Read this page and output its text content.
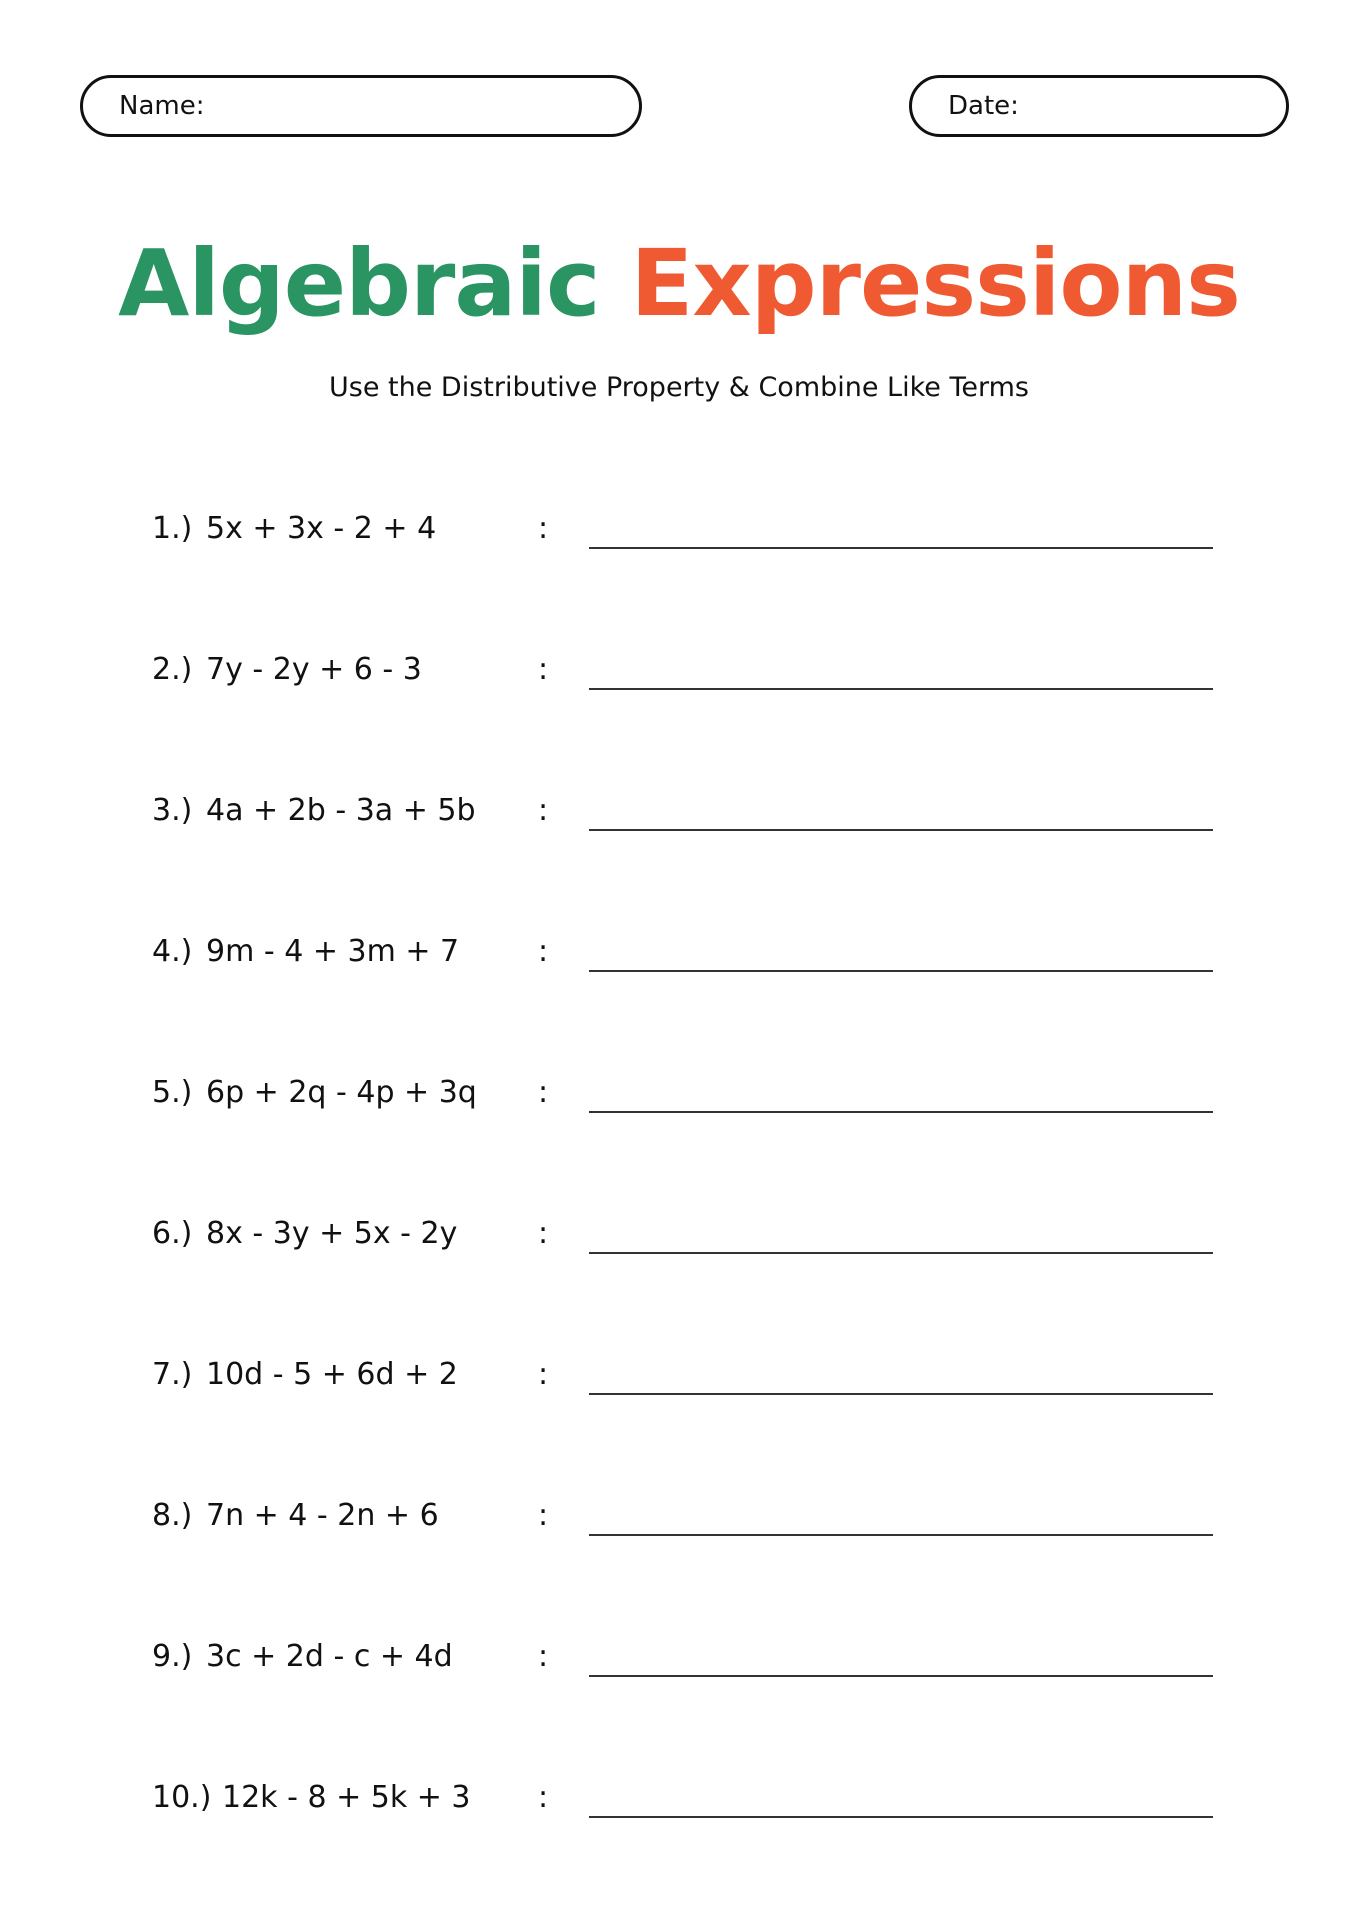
Name:	Date:
Algebraic Expressions
Use the Distributive Property & Combine Like Terms
1.) 5x + 3x - 2 + 4	:
2.) 7y - 2y + 6 - 3	:
3.) 4a + 2b - 3a + 5b :
4.) 9m - 4 + 3m + 7	:
5.) 6p + 2q - 4p + 3q :
6.) 8x - 3y + 5x - 2y	:
7.) 10d - 5 + 6d + 2	:
8.) 7n + 4 - 2n + 6	:
9.) 3c + 2d - c + 4d	:
10.) 12k - 8 + 5k + 3 :
